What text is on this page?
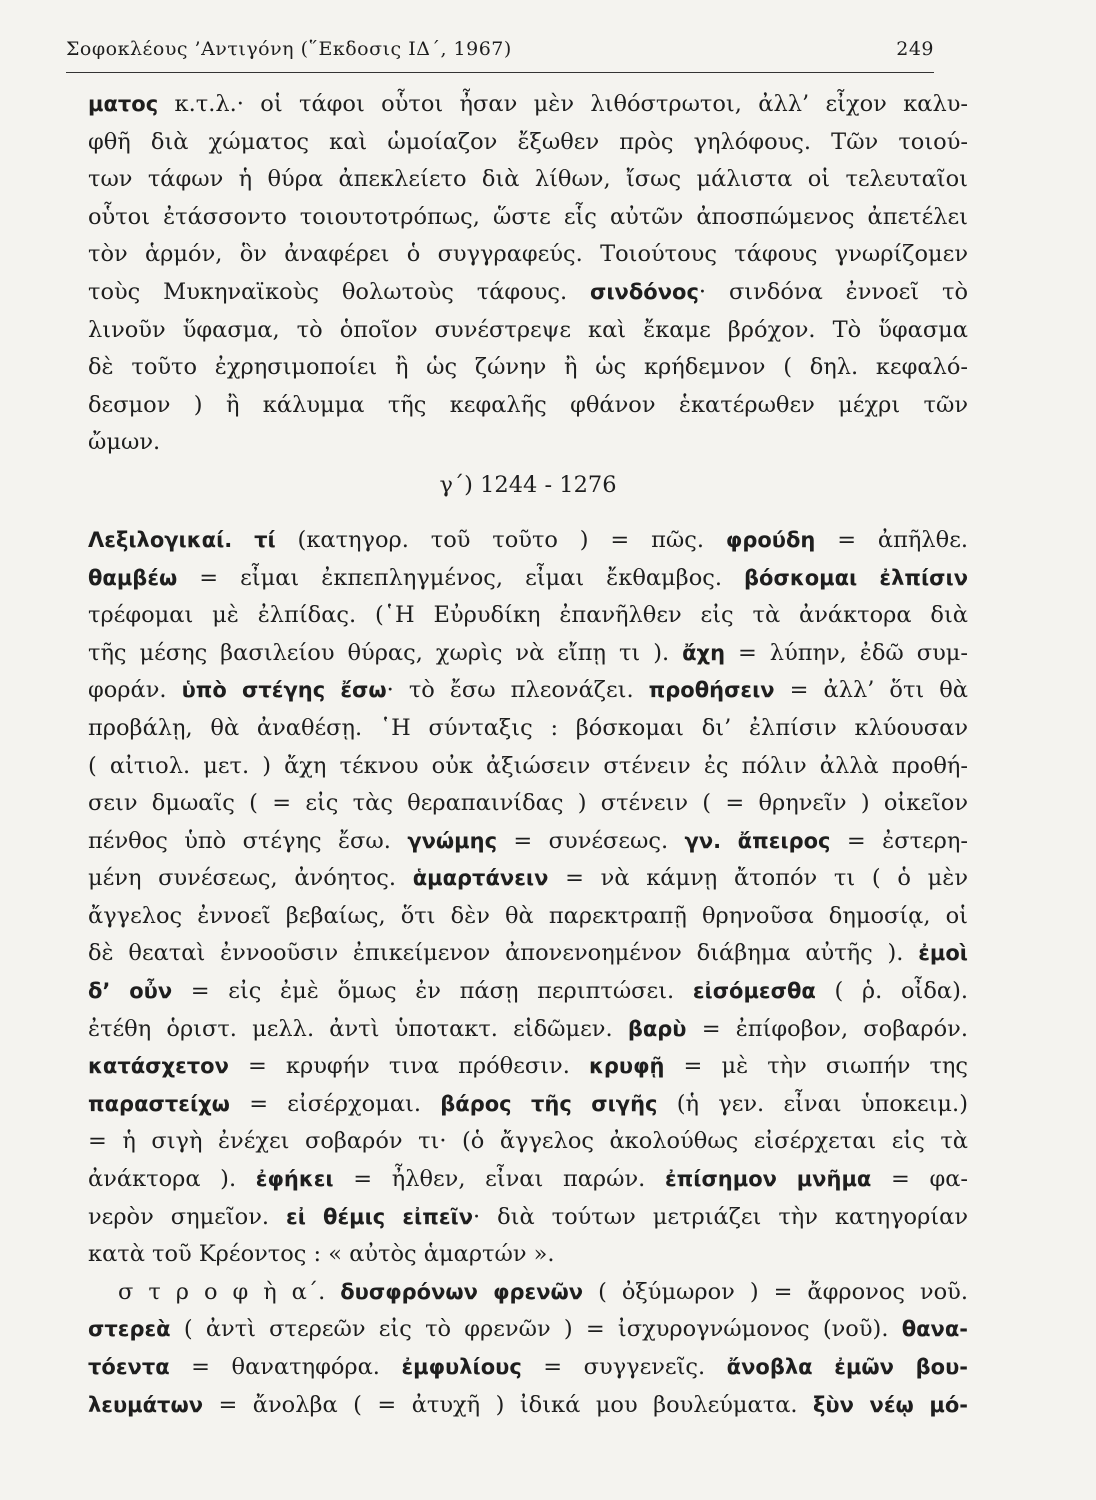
Σοφοκλέους ’Αντιγόνη (῞Εκδοσις ΙΔ΄, 1967)	249
ματος κ.τ.λ.· οἱ τάφοι οὗτοι ἦσαν μὲν λιθόστρωτοι, ἀλλ’ εἶχον καλυ-
φθῆ διὰ χώματος καὶ ὡμοίαζον ἔξωθεν πρὸς γηλόφους. Τῶν τοιού-
των τάφων ἡ θύρα ἀπεκλείετο διὰ λίθων, ἴσως μάλιστα οἱ τελευταῖοι
οὗτοι ἐτάσσοντο τοιουτοτρόπως, ὥστε εἷς αὐτῶν ἀποσπώμενος ἀπετέλει
τὸν ἁρμόν, ὃν ἀναφέρει ὁ συγγραφεύς. Τοιούτους τάφους γνωρίζομεν
τοὺς Μυκηναϊκοὺς θολωτοὺς τάφους. σινδόνος· σινδόνα ἐννοεῖ τὸ
λινοῦν ὕφασμα, τὸ ὁποῖον συνέστρεψε καὶ ἔκαμε βρόχον. Τὸ ὕφασμα
δὲ τοῦτο ἐχρησιμοποίει ἢ ὡς ζώνην ἢ ὡς κρήδεμνον ( δηλ. κεφαλό-
δεσμον ) ἢ κάλυμμα τῆς κεφαλῆς φθάνον ἑκατέρωθεν μέχρι τῶν
ὤμων.
γ΄) 1244 - 1276
Λεξιλογικαί. τί (κατηγορ. τοῦ τοῦτο ) = πῶς. φρούδη = ἀπῆλθε.
θαμβέω = εἶμαι ἐκπεπληγμένος, εἶμαι ἔκθαμβος. βόσκομαι ἐλπίσιν
τρέφομαι μὲ ἐλπίδας. (῾Η Εὐρυδίκη ἐπανῆλθεν εἰς τὰ ἀνάκτορα διὰ
τῆς μέσης βασιλείου θύρας, χωρὶς νὰ εἴπῃ τι ). ἄχη = λύπην, ἐδῶ συμ-
φοράν. ὑπὸ στέγης ἔσω· τὸ ἔσω πλεονάζει. προθήσειν = ἀλλ’ ὅτι θὰ
προβάλῃ, θὰ ἀναθέσῃ. ῾Η σύνταξις : βόσκομαι δι’ ἐλπίσιν κλύουσαν
( αἰτιολ. μετ. ) ἄχη τέκνου οὐκ ἀξιώσειν στένειν ἐς πόλιν ἀλλὰ προθή-
σειν δμωαῖς ( = εἰς τὰς θεραπαινίδας ) στένειν ( = θρηνεῖν ) οἰκεῖον
πένθος ὑπὸ στέγης ἔσω. γνώμης = συνέσεως. γν. ἄπειρος = ἐστερη-
μένη συνέσεως, ἀνόητος. ἁμαρτάνειν = νὰ κάμνῃ ἄτοπόν τι ( ὁ μὲν
ἄγγελος ἐννοεῖ βεβαίως, ὅτι δὲν θὰ παρεκτραπῇ θρηνοῦσα δημοσίᾳ, οἱ
δὲ θεαταὶ ἐννοοῦσιν ἐπικείμενον ἀπονενοημένον διάβημα αὐτῆς ). ἐμοὶ
δ’ οὖν = εἰς ἐμὲ ὅμως ἐν πάσῃ περιπτώσει. εἰσόμεσθα ( ῥ. οἶδα).
ἐτέθη ὁριστ. μελλ. ἀντὶ ὑποτακτ. εἰδῶμεν. βαρὺ = ἐπίφοβον, σοβαρόν.
κατάσχετον = κρυφήν τινα πρόθεσιν. κρυφῇ = μὲ τὴν σιωπήν της
παραστείχω = εἰσέρχομαι. βάρος τῆς σιγῆς (ἡ γεν. εἶναι ὑποκειμ.)
= ἡ σιγὴ ἐνέχει σοβαρόν τι· (ὁ ἄγγελος ἀκολούθως εἰσέρχεται εἰς τὰ
ἀνάκτορα ). ἐφήκει = ἦλθεν, εἶναι παρών. ἐπίσημον μνῆμα = φα-
νερὸν σημεῖον. εἰ θέμις εἰπεῖν· διὰ τούτων μετριάζει τὴν κατηγορίαν
κατὰ τοῦ Κρέοντος : « αὐτὸς ἁμαρτών ».
σ τ ρ ο φ ὴ α΄. δυσφρόνων φρενῶν ( ὀξύμωρον ) = ἄφρονος νοῦ.
στερεὰ ( ἀντὶ στερεῶν εἰς τὸ φρενῶν ) = ἰσχυρογνώμονος (νοῦ). θανα-
τόεντα = θανατηφόρα. ἐμφυλίους = συγγενεῖς. ἄνοβλα ἐμῶν βου-
λευμάτων = ἄνολβα ( = ἀτυχῆ ) ἰδικά μου βουλεύματα. ξὺν νέῳ μό-
